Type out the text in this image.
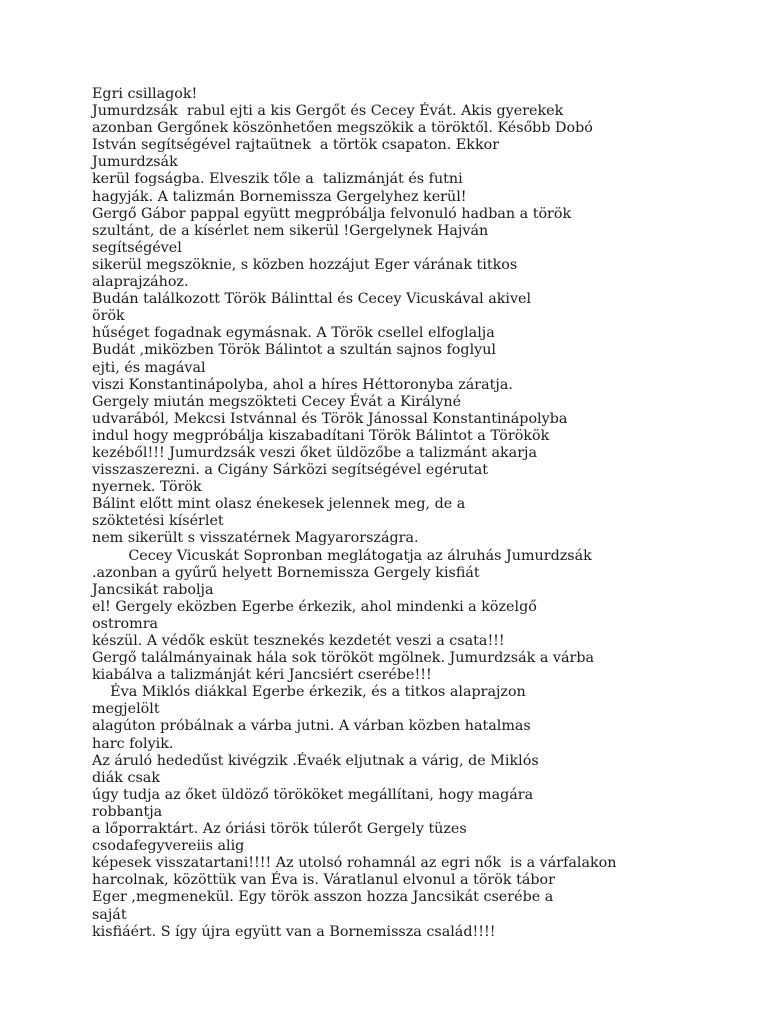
Egri csillagok!
Jumurdzsák  rabul ejti a kis Gergőt és Cecey Évát. Akis gyerekek
azonban Gergőnek köszönhetően megszökik a töröktől. Később Dobó
István segítségével rajtaütnek  a törtök csapaton. Ekkor
Jumurdzsák
kerül fogságba. Elveszik tőle a  talizmánját és futni
hagyják. A talizmán Bornemissza Gergelyhez kerül!
Gergő Gábor pappal együtt megpróbálja felvonuló hadban a török
szultánt, de a kísérlet nem sikerül !Gergelynek Hajván
segítségével
sikerül megszöknie, s közben hozzájut Eger várának titkos
alaprajzához.
Budán találkozott Török Bálinttal és Cecey Vicuskával akivel
örök
hűséget fogadnak egymásnak. A Török csellel elfoglalja
Budát ,miközben Török Bálintot a szultán sajnos foglyul
ejti, és magával
viszi Konstantinápolyba, ahol a híres Héttoronyba záratja.
Gergely miután megszökteti Cecey Évát a Királyné
udvarából, Mekcsi Istvánnal és Török Jánossal Konstantinápolyba
indul hogy megpróbálja kiszabadítani Török Bálintot a Törökök
kezéből!!! Jumurdzsák veszi őket üldözőbe a talizmánt akarja
visszaszerezni. a Cigány Sárközi segítségével egérutat
nyernek. Török
Bálint előtt mint olasz énekesek jelennek meg, de a
szöktetési kísérlet
nem sikerült s visszatérnek Magyarországra.
Cecey Vicuskát Sopronban meglátogatja az álruhás Jumurdzsák
.azonban a gyűrű helyett Bornemissza Gergely kisfiát
Jancsikát rabolja
el! Gergely eközben Egerbe érkezik, ahol mindenki a közelgő
ostromra
készül. A védők esküt tesznekés kezdetét veszi a csata!!!
Gergő találmányainak hála sok törököt mgölnek. Jumurdzsák a várba
kiabálva a talizmánját kéri Jancsiért cserébe!!!
Éva Miklós diákkal Egerbe érkezik, és a titkos alaprajzon
megjelölt
alagúton próbálnak a várba jutni. A várban közben hatalmas
harc folyik.
Az áruló hededűst kivégzik .Évaék eljutnak a várig, de Miklós
diák csak
úgy tudja az őket üldöző törököket megállítani, hogy magára
robbantja
a lőporraktárt. Az óriási török túlerőt Gergely tüzes
csodafegyvereiis alig
képesek visszatartani!!!! Az utolsó rohamnál az egri nők  is a várfalakon
harcolnak, közöttük van Éva is. Váratlanul elvonul a török tábor
Eger ,megmenekül. Egy török asszon hozza Jancsikát cserébe a
saját
kisfiáért. S így újra együtt van a Bornemissza család!!!!
